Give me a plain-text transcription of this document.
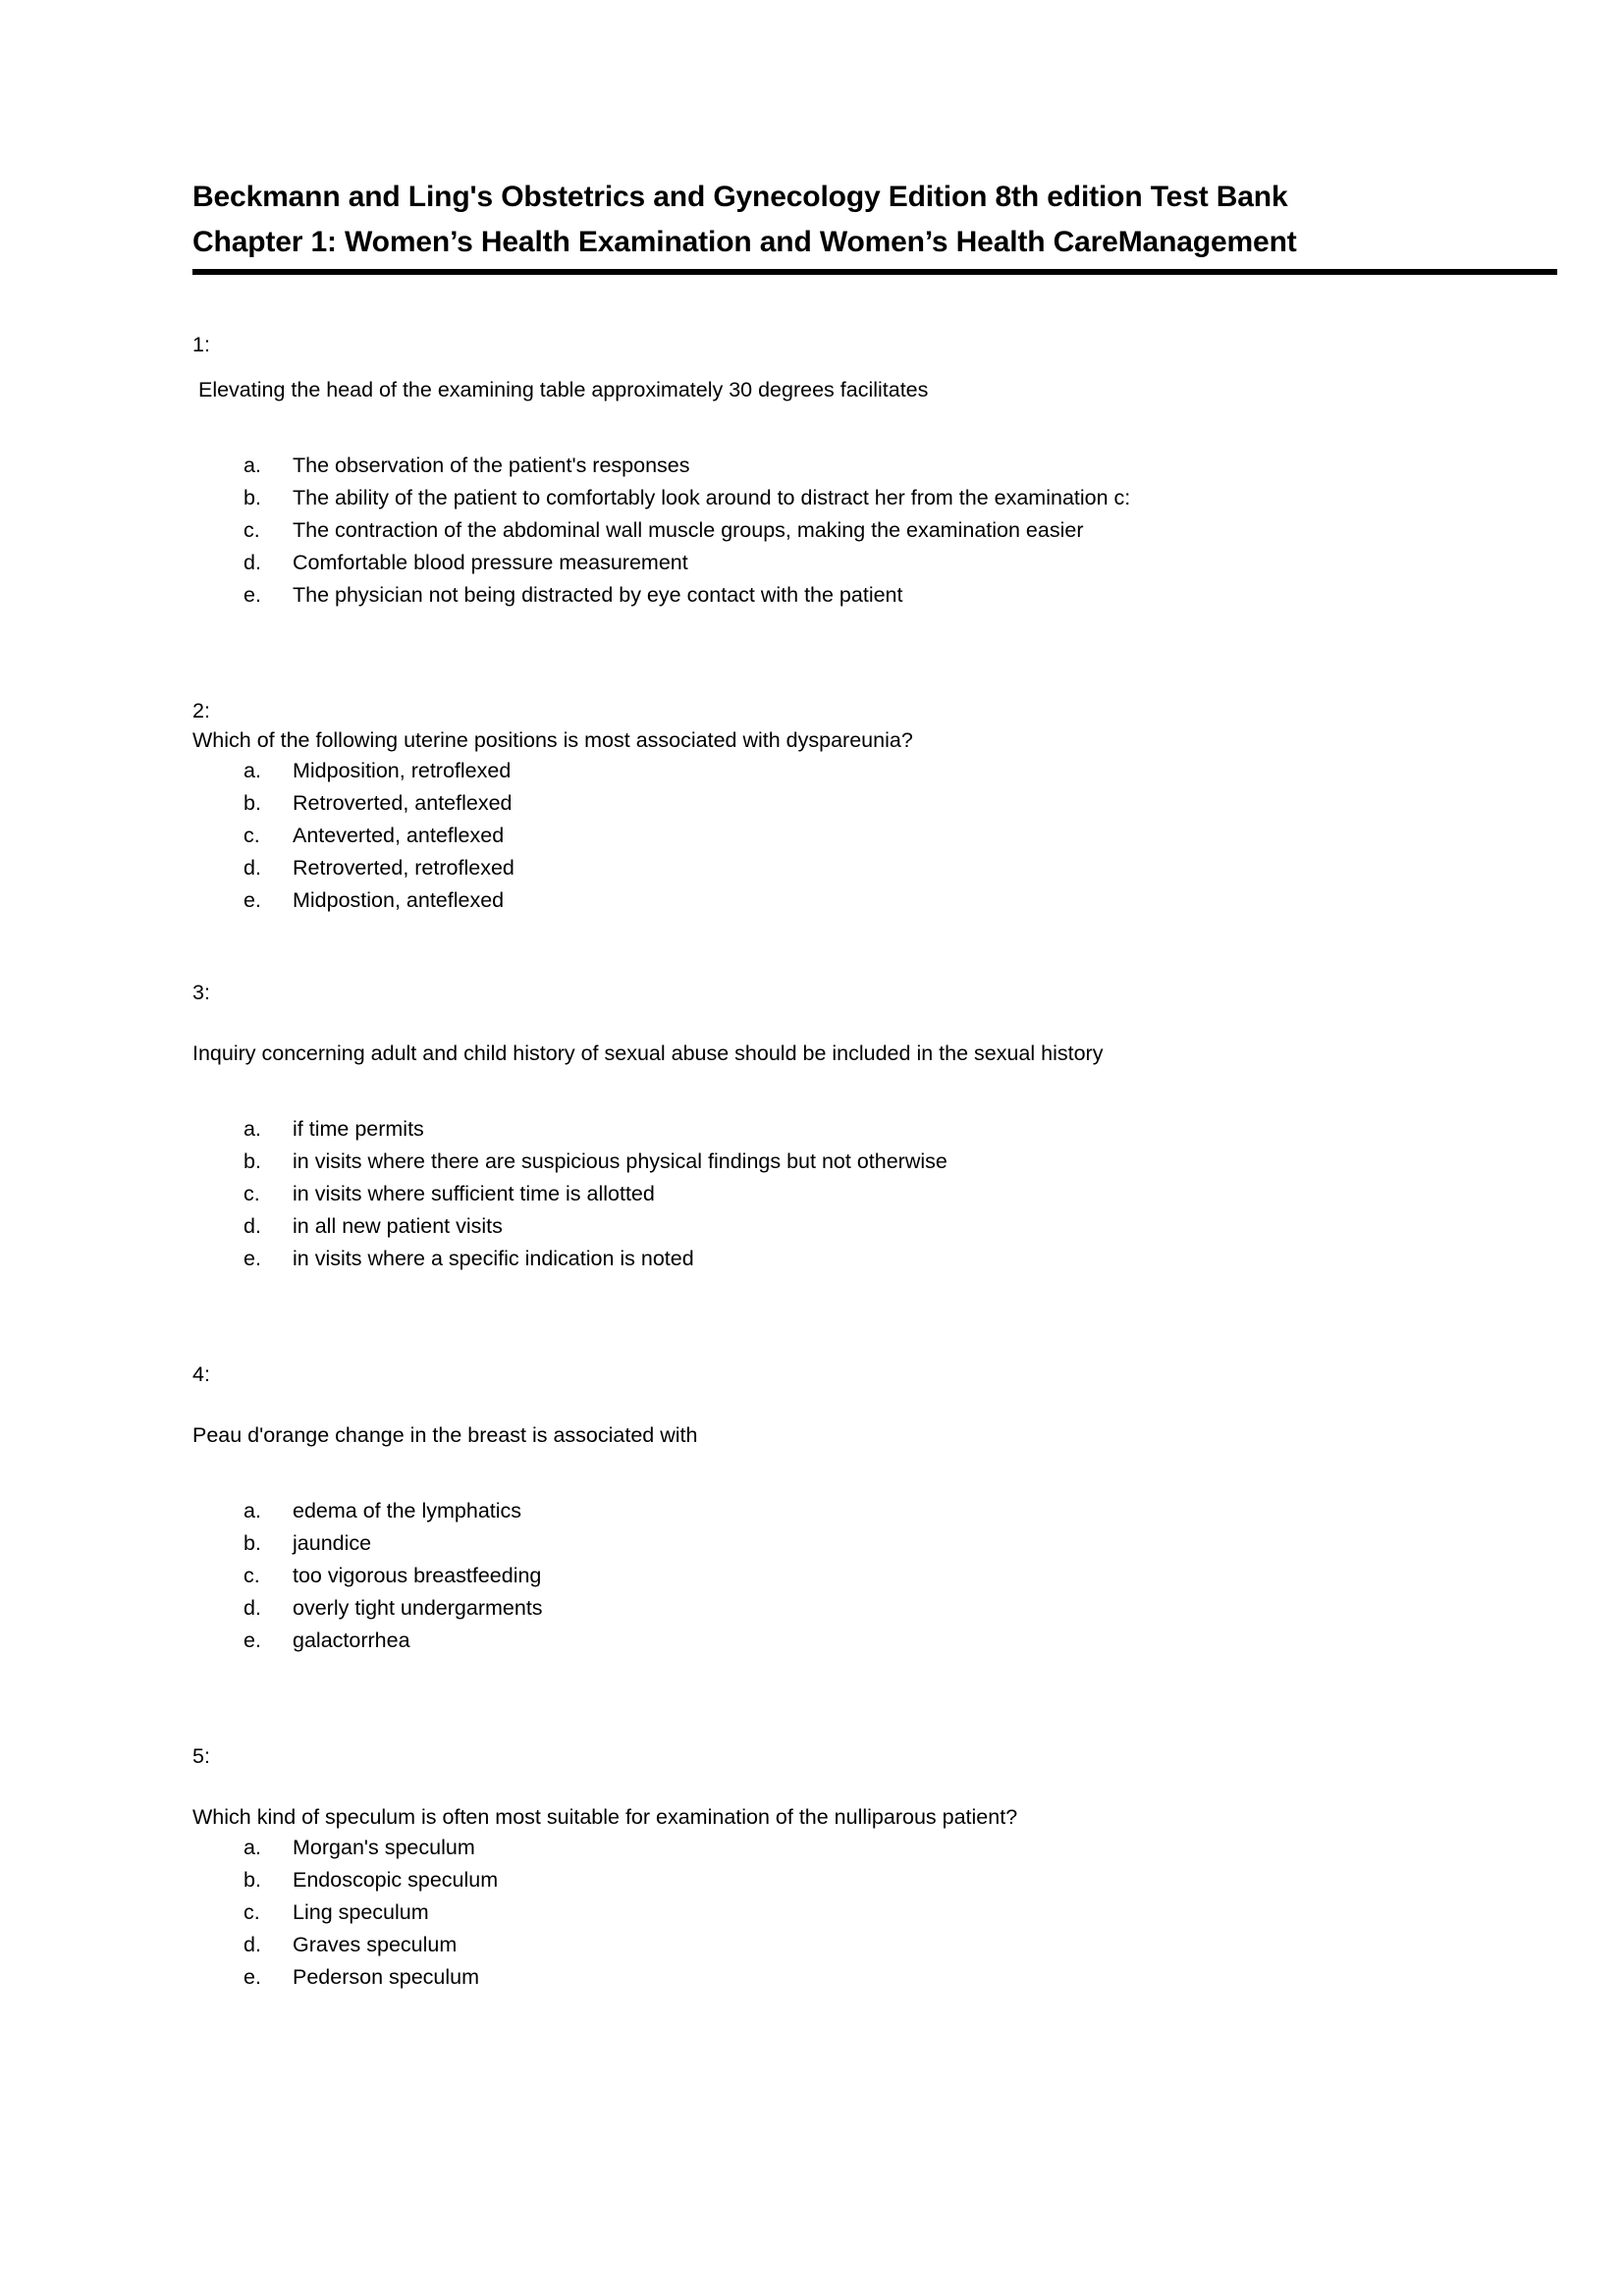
Beckmann and Ling's Obstetrics and Gynecology Edition 8th edition Test Bank
Chapter 1: Women’s Health Examination and Women’s Health CareManagement
1:
Elevating the head of the examining table approximately 30 degrees facilitates
a.	The observation of the patient's responses
b.	The ability of the patient to comfortably look around to distract her from the examination c:
c.	The contraction of the abdominal wall muscle groups, making the examination easier
d.	Comfortable blood pressure measurement
e.	The physician not being distracted by eye contact with the patient
2:
Which of the following uterine positions is most associated with dyspareunia?
a.	Midposition, retroflexed
b.	Retroverted, anteflexed
c.	Anteverted, anteflexed
d.	Retroverted, retroflexed
e.	Midpostion, anteflexed
3:
Inquiry concerning adult and child history of sexual abuse should be included in the sexual history
a.	if time permits
b.	in visits where there are suspicious physical findings but not otherwise
c.	in visits where sufficient time is allotted
d.	in all new patient visits
e.	in visits where a specific indication is noted
4:
Peau d'orange change in the breast is associated with
a.	edema of the lymphatics
b.	jaundice
c.	too vigorous breastfeeding
d.	overly tight undergarments
e.	galactorrhea
5:
Which kind of speculum is often most suitable for examination of the nulliparous patient?
a.	Morgan's speculum
b.	Endoscopic speculum
c.	Ling speculum
d.	Graves speculum
e.	Pederson speculum
